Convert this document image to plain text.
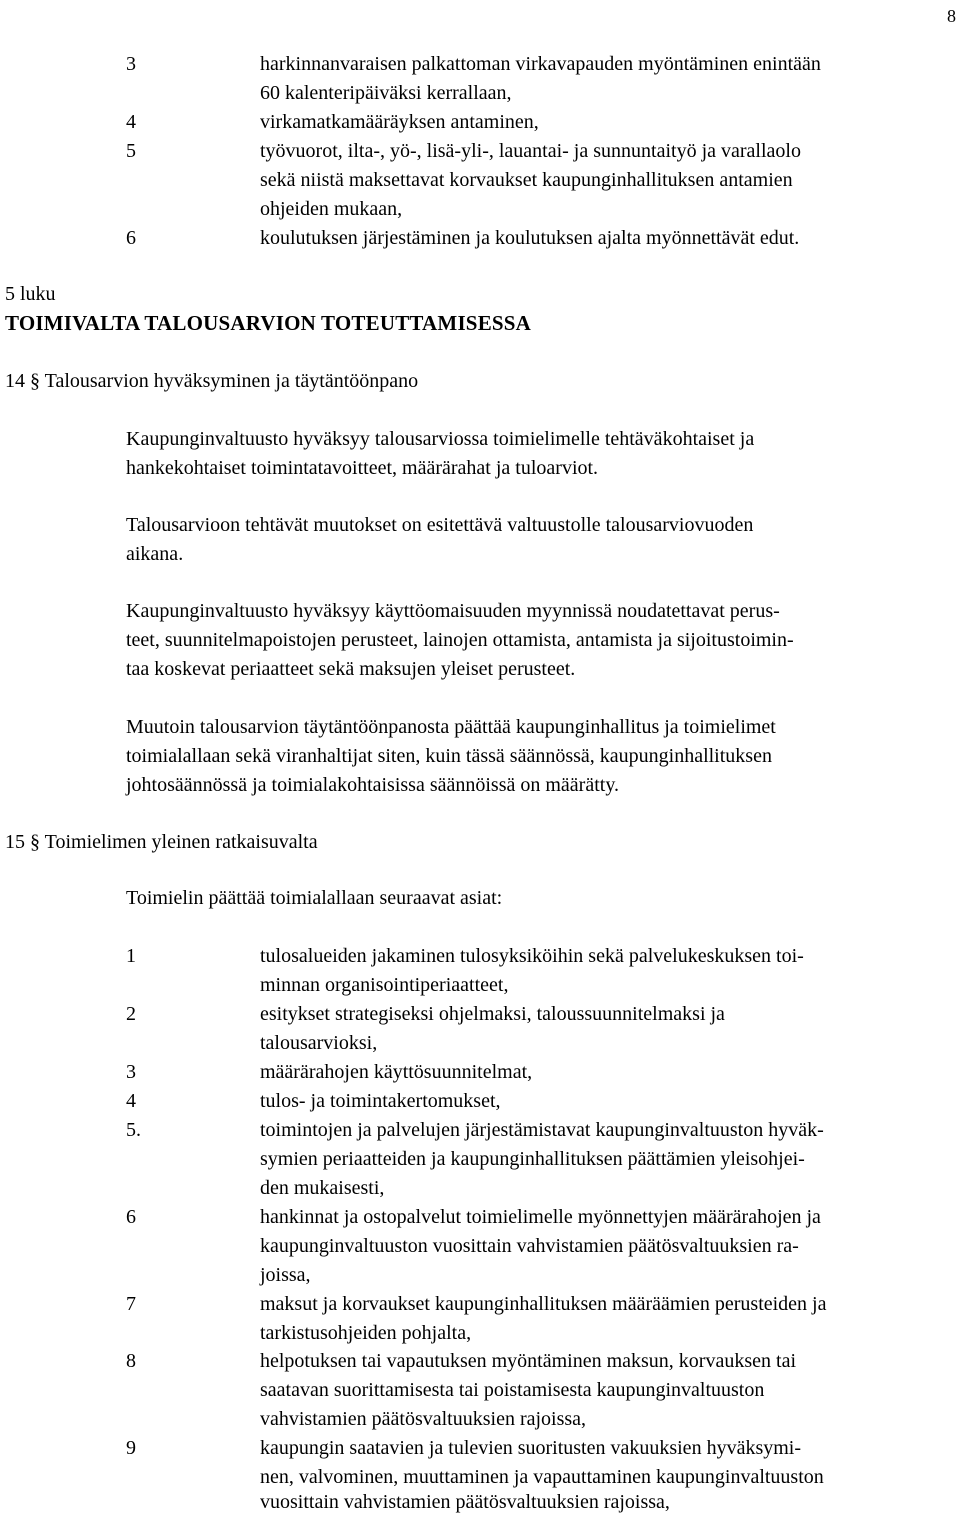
8
3	harkinnanvaraisen palkattoman virkavapauden myöntäminen enintään
60 kalenteripäiväksi kerrallaan,
4	virkamatkamääräyksen antaminen,
5	työvuorot, ilta-, yö-, lisä-yli-, lauantai- ja sunnuntaityö ja varallaolo
sekä niistä maksettavat korvaukset kaupunginhallituksen antamien
ohjeiden mukaan,
6	koulutuksen järjestäminen ja koulutuksen ajalta myönnettävät edut.
5 luku
TOIMIVALTA TALOUSARVION TOTEUTTAMISESSA
14 § Talousarvion hyväksyminen ja täytäntöönpano
Kaupunginvaltuusto hyväksyy talousarviossa toimielimelle tehtäväkohtaiset ja
hankekohtaiset toimintatavoitteet, määrärahat ja tuloarviot.
Talousarvioon tehtävät muutokset on esitettävä valtuustolle talousarviovuoden
aikana.
Kaupunginvaltuusto hyväksyy käyttöomaisuuden myynnissä noudatettavat perus-
teet, suunnitelmapoistojen perusteet, lainojen ottamista, antamista ja sijoitustoimin-
taa koskevat periaatteet sekä maksujen yleiset perusteet.
Muutoin talousarvion täytäntöönpanosta päättää kaupunginhallitus ja toimielimet
toimialallaan sekä viranhaltijat siten, kuin tässä säännössä, kaupunginhallituksen
johtosäännössä ja toimialakohtaisissa säännöissä on määrätty.
15 § Toimielimen yleinen ratkaisuvalta
Toimielin päättää toimialallaan seuraavat asiat:
1	tulosalueiden jakaminen tulosyksiköihin sekä palvelukeskuksen toi-
minnan organisointiperiaatteet,
2	esitykset strategiseksi ohjelmaksi, taloussuunnitelmaksi ja
talousarvioksi,
3	määrärahojen käyttösuunnitelmat,
4	tulos- ja toimintakertomukset,
5.	toimintojen ja palvelujen järjestämistavat kaupunginvaltuuston hyväk-
symien periaatteiden ja kaupunginhallituksen päättämien yleisohjei-
den mukaisesti,
6	hankinnat ja ostopalvelut toimielimelle myönnettyjen määrärahojen ja
kaupunginvaltuuston vuosittain vahvistamien päätösvaltuuksien ra-
joissa,
7	maksut ja korvaukset kaupunginhallituksen määräämien perusteiden ja
tarkistusohjeiden pohjalta,
8	helpotuksen tai vapautuksen myöntäminen maksun, korvauksen tai
saatavan suorittamisesta tai poistamisesta kaupunginvaltuuston
vahvistamien päätösvaltuuksien rajoissa,
9	kaupungin saatavien ja tulevien suoritusten vakuuksien hyväksymi-
nen, valvominen, muuttaminen ja vapauttaminen kaupunginvaltuuston
vuosittain vahvistamien päätösvaltuuksien rajoissa,
